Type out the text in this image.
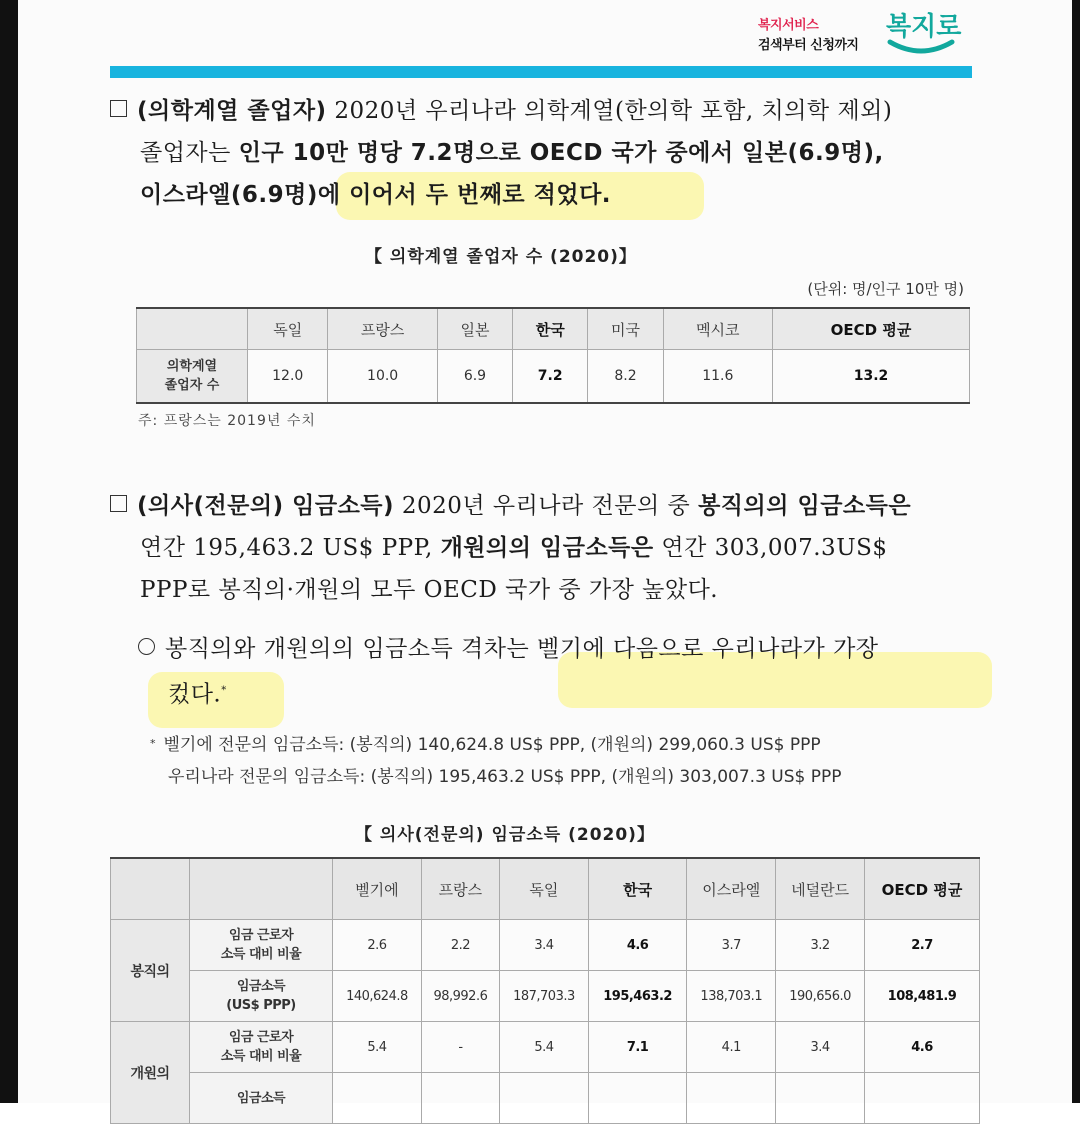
복지서비스
검색부터 신청까지
복지로
(의학계열 졸업자) 2020년 우리나라 의학계열(한의학 포함, 치의학 제외)
졸업자는 인구 10만 명당 7.2명으로 OECD 국가 중에서 일본(6.9명),
이스라엘(6.9명)에 이어서 두 번째로 적었다.
【 의학계열 졸업자 수 (2020)】
(단위: 명/인구 10만 명)
	독일	프랑스	일본	한국	미국	멕시코	OECD 평균
의학계열
졸업자 수	12.0	10.0	6.9	7.2	8.2	11.6	13.2
주: 프랑스는 2019년 수치
(의사(전문의) 임금소득) 2020년 우리나라 전문의 중 봉직의의 임금소득은
연간 195,463.2 US$ PPP, 개원의의 임금소득은 연간 303,007.3US$
PPP로 봉직의·개원의 모두 OECD 국가 중 가장 높았다.
봉직의와 개원의의 임금소득 격차는 벨기에 다음으로 우리나라가 가장
컸다.*
* 벨기에 전문의 임금소득: (봉직의) 140,624.8 US$ PPP, (개원의) 299,060.3 US$ PPP
우리나라 전문의 임금소득: (봉직의) 195,463.2 US$ PPP, (개원의) 303,007.3 US$ PPP
【 의사(전문의) 임금소득 (2020)】
		벨기에	프랑스	독일	한국	이스라엘	네덜란드	OECD 평균
봉직의	임금 근로자
소득 대비 비율	2.6	2.2	3.4	4.6	3.7	3.2	2.7
	임금소득
(US$ PPP)	140,624.8	98,992.6	187,703.3	195,463.2	138,703.1	190,656.0	108,481.9
개원의	임금 근로자
소득 대비 비율	5.4	-	5.4	7.1	4.1	3.4	4.6
	임금소득							
